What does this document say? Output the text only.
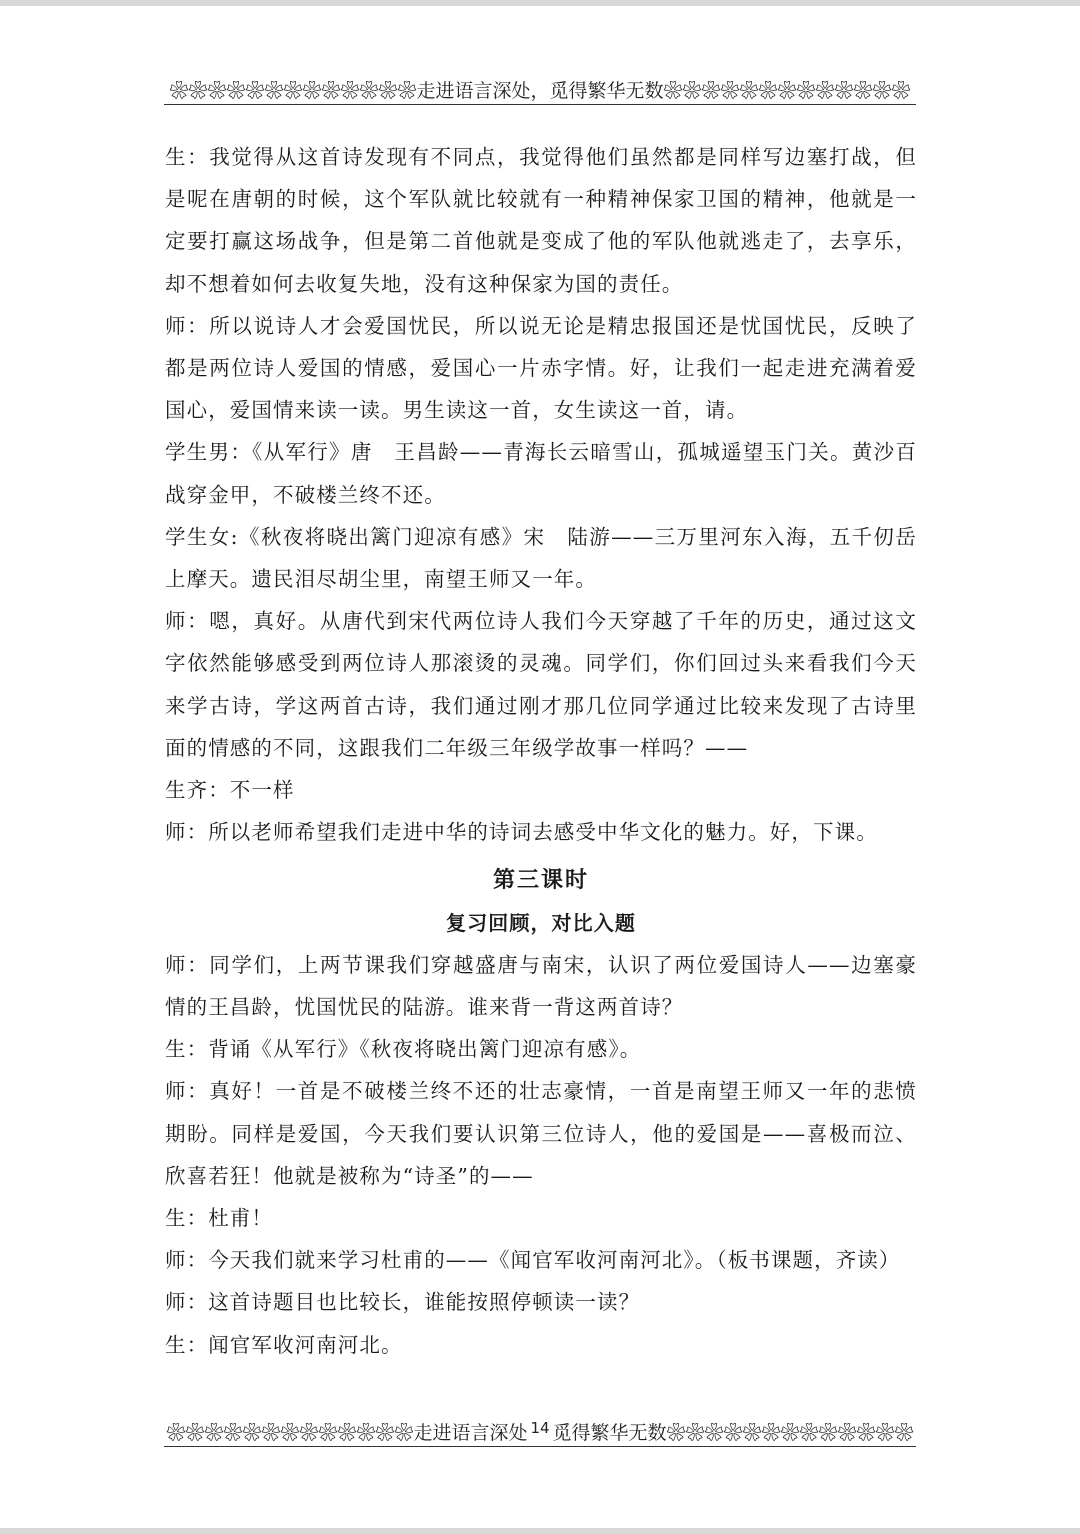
❀❀❀❀❀❀❀❀❀❀❀❀❀走进语言深处，觅得繁华无数❀❀❀❀❀❀❀❀❀❀❀❀❀

生：我觉得从这首诗发现有不同点，我觉得他们虽然都是同样写边塞打战，但是呢在唐朝的时候，这个军队就比较就有一种精神保家卫国的精神，他就是一定要打赢这场战争，但是第二首他就是变成了他的军队他就逃走了，去享乐，却不想着如何去收复失地，没有这种保家为国的责任。

师：所以说诗人才会爱国忧民，所以说无论是精忠报国还是忧国忧民，反映了都是两位诗人爱国的情感，爱国心一片赤字情。好，让我们一起走进充满着爱国心，爱国情来读一读。男生读这一首，女生读这一首，请。

学生男：《从军行》唐　王昌龄——青海长云暗雪山，孤城遥望玉门关。黄沙百战穿金甲，不破楼兰终不还。

学生女:《秋夜将晓出篱门迎凉有感》宋　陆游——三万里河东入海，五千仞岳上摩天。遗民泪尽胡尘里，南望王师又一年。

师：嗯，真好。从唐代到宋代两位诗人我们今天穿越了千年的历史，通过这文字依然能够感受到两位诗人那滚烫的灵魂。同学们，你们回过头来看我们今天来学古诗，学这两首古诗，我们通过刚才那几位同学通过比较来发现了古诗里面的情感的不同，这跟我们二年级三年级学故事一样吗？——

生齐：不一样

师：所以老师希望我们走进中华的诗词去感受中华文化的魅力。好，下课。

第三课时

复习回顾，对比入题

师：同学们，上两节课我们穿越盛唐与南宋，认识了两位爱国诗人——边塞豪情的王昌龄，忧国忧民的陆游。谁来背一背这两首诗？

生：背诵《从军行》《秋夜将晓出篱门迎凉有感》。

师：真好！一首是不破楼兰终不还的壮志豪情，一首是南望王师又一年的悲愤期盼。同样是爱国，今天我们要认识第三位诗人，他的爱国是——喜极而泣、欣喜若狂！他就是被称为“诗圣”的——

生：杜甫！

师：今天我们就来学习杜甫的——《闻官军收河南河北》。（板书课题，齐读）

师：这首诗题目也比较长，谁能按照停顿读一读？

生：闻官军收河南河北。

❀❀❀❀❀❀❀❀❀❀❀❀❀走进语言深处 $^{14}$ 觅得繁华无数❀❀❀❀❀❀❀❀❀❀❀❀❀
